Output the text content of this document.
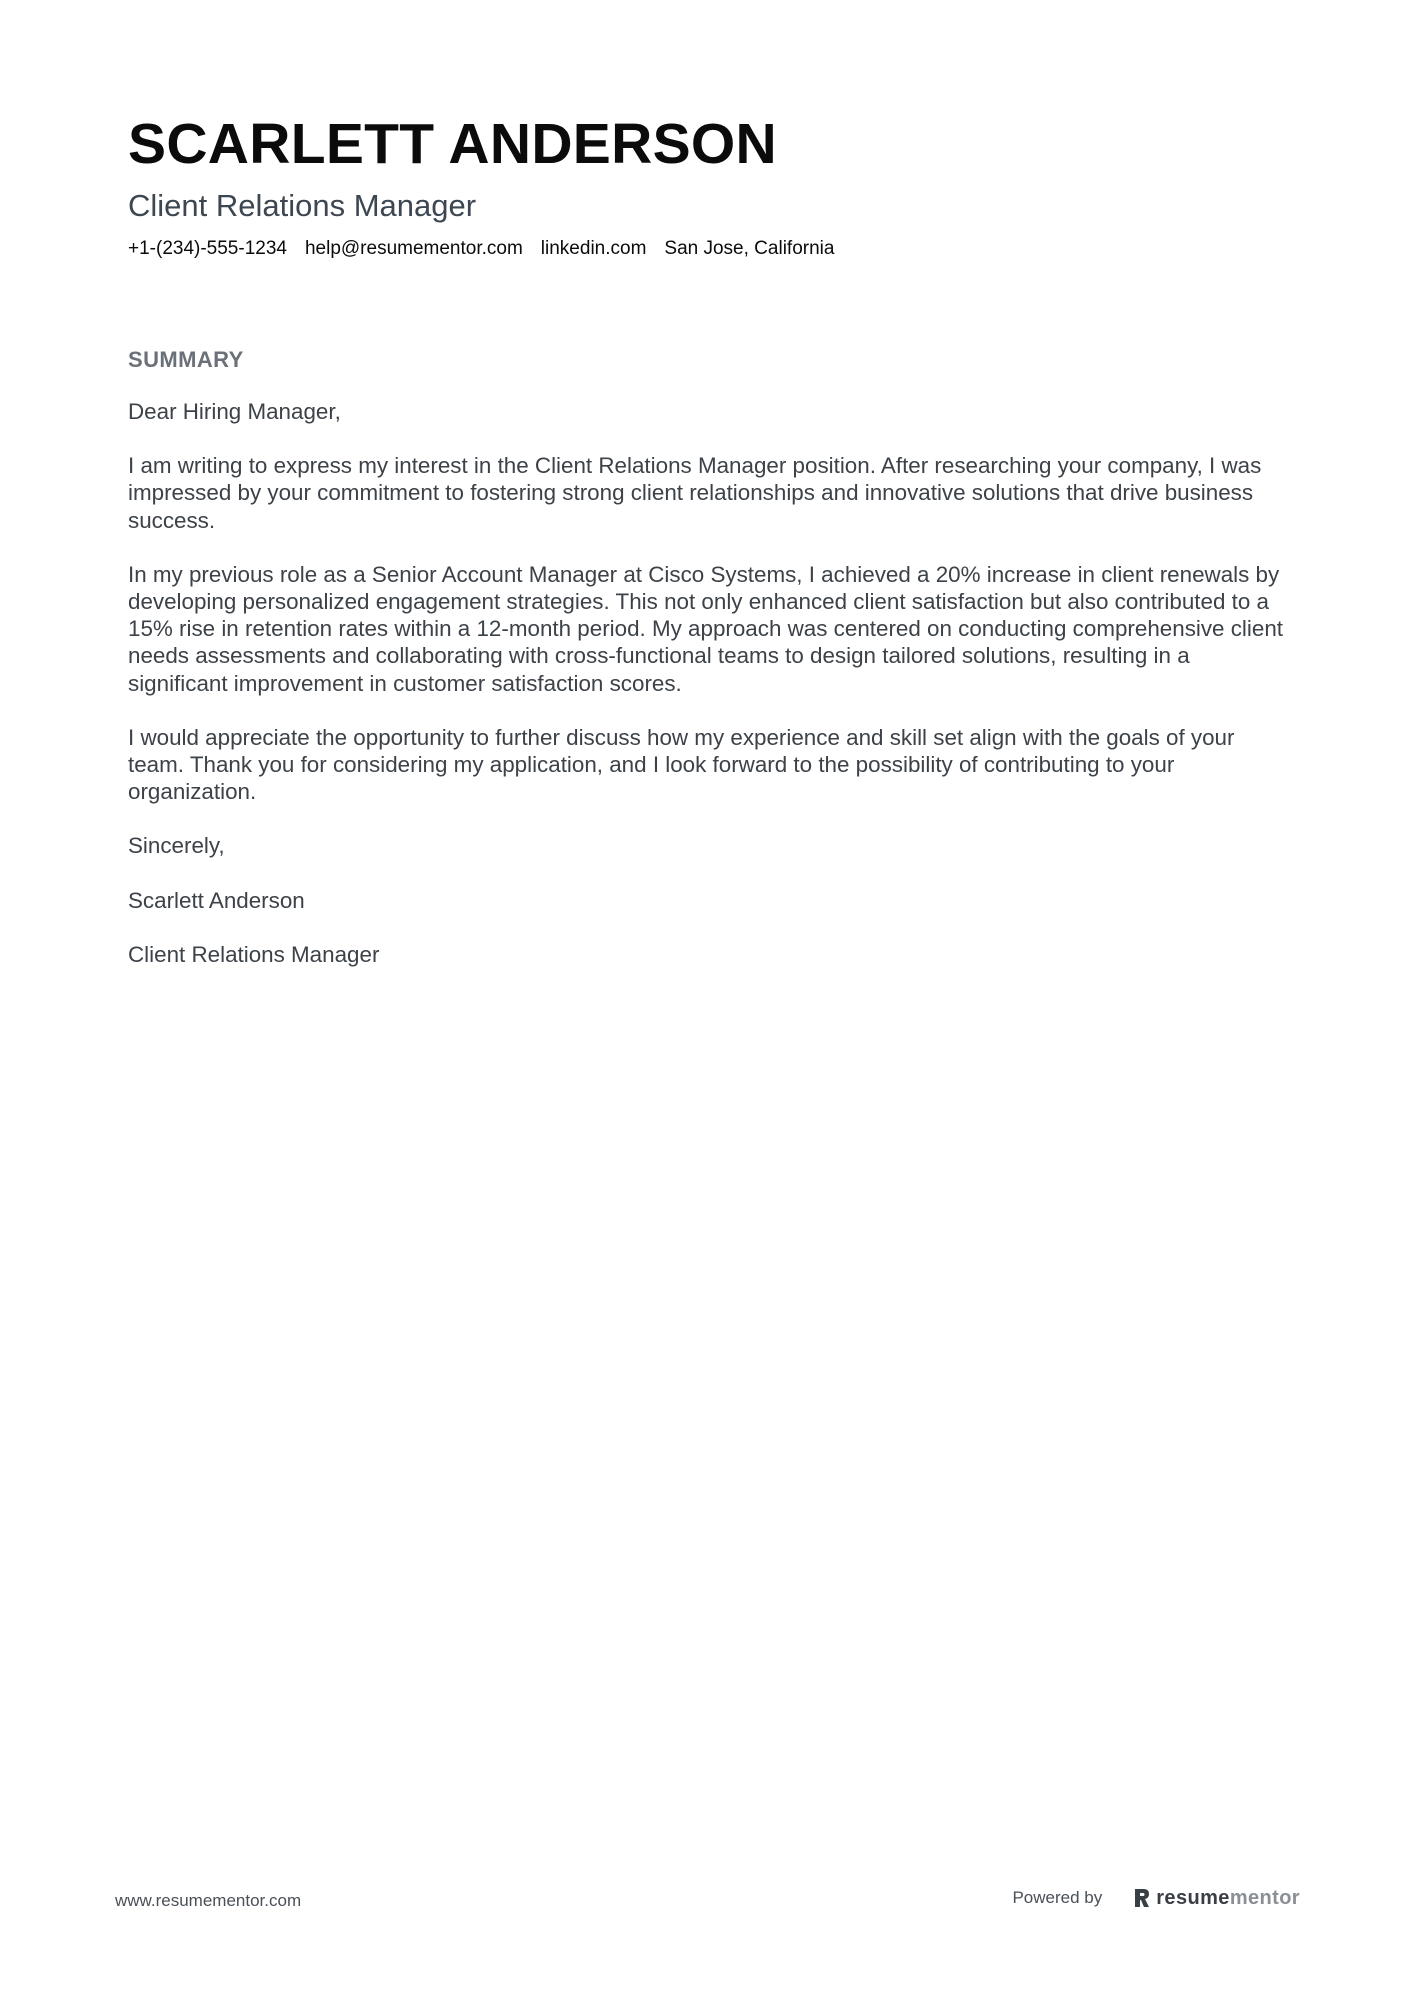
SCARLETT ANDERSON
Client Relations Manager
+1-(234)-555-1234 help@resumementor.com linkedin.com San Jose, California
SUMMARY

Dear Hiring Manager,

I am writing to express my interest in the Client Relations Manager position. After researching your company, I was impressed by your commitment to fostering strong client relationships and innovative solutions that drive business success.

In my previous role as a Senior Account Manager at Cisco Systems, I achieved a 20% increase in client renewals by developing personalized engagement strategies. This not only enhanced client satisfaction but also contributed to a 15% rise in retention rates within a 12-month period. My approach was centered on conducting comprehensive client needs assessments and collaborating with cross-functional teams to design tailored solutions, resulting in a significant improvement in customer satisfaction scores.

I would appreciate the opportunity to further discuss how my experience and skill set align with the goals of your team. Thank you for considering my application, and I look forward to the possibility of contributing to your organization.

Sincerely,

Scarlett Anderson

Client Relations Manager

www.resumementor.com	Powered by	resumementor
